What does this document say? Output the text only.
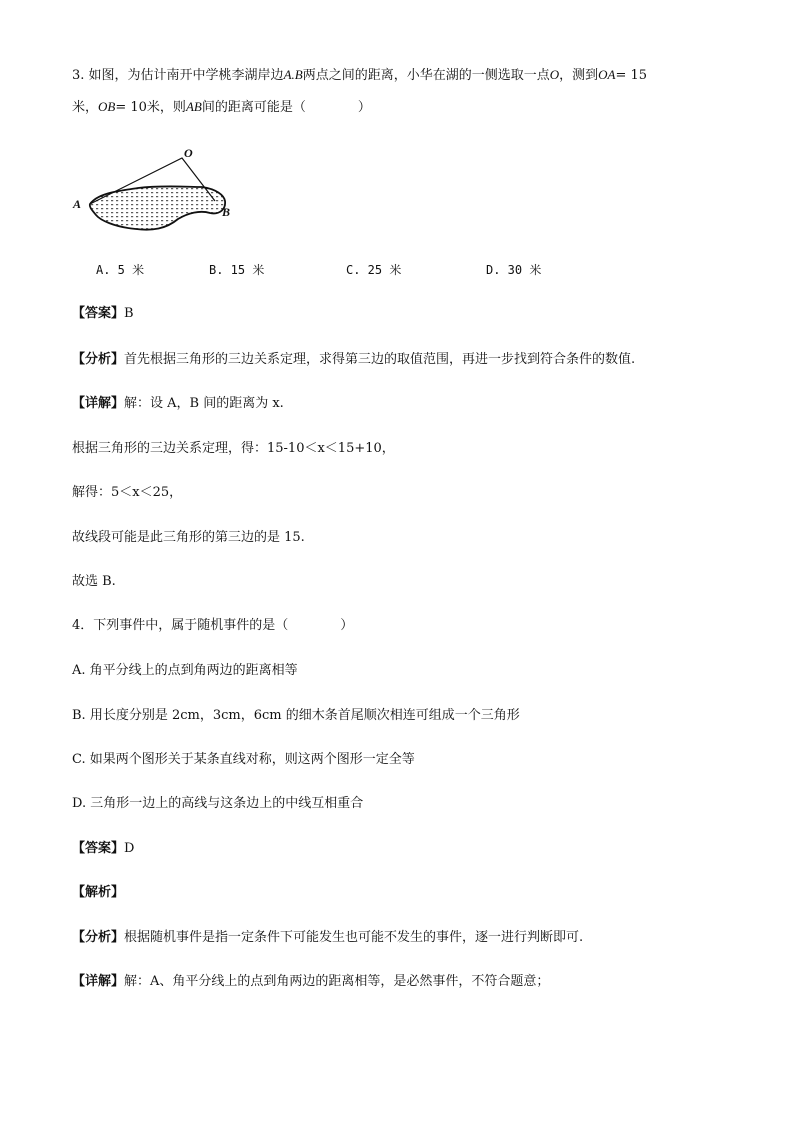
3. 如图，为估计南开中学桃李湖岸边A.B两点之间的距离，小华在湖的一侧选取一点O，测到OA= 15
米，OB= 10米，则AB间的距离可能是（　　　　）
O
A
B
A. 5 米	B. 15 米	C. 25 米	D. 30 米
【答案】B
【分析】首先根据三角形的三边关系定理，求得第三边的取值范围，再进一步找到符合条件的数值.
【详解】解：设 A，B 间的距离为 x.
根据三角形的三边关系定理，得：15-10＜x＜15+10，
解得：5＜x＜25，
故线段可能是此三角形的第三边的是 15.
故选 B.
4．下列事件中，属于随机事件的是（　　　　）
A. 角平分线上的点到角两边的距离相等
B. 用长度分别是 2cm，3cm，6cm 的细木条首尾顺次相连可组成一个三角形
C. 如果两个图形关于某条直线对称，则这两个图形一定全等
D. 三角形一边上的高线与这条边上的中线互相重合
【答案】D
【解析】
【分析】根据随机事件是指一定条件下可能发生也可能不发生的事件，逐一进行判断即可.
【详解】解：A、角平分线上的点到角两边的距离相等，是必然事件，不符合题意；
